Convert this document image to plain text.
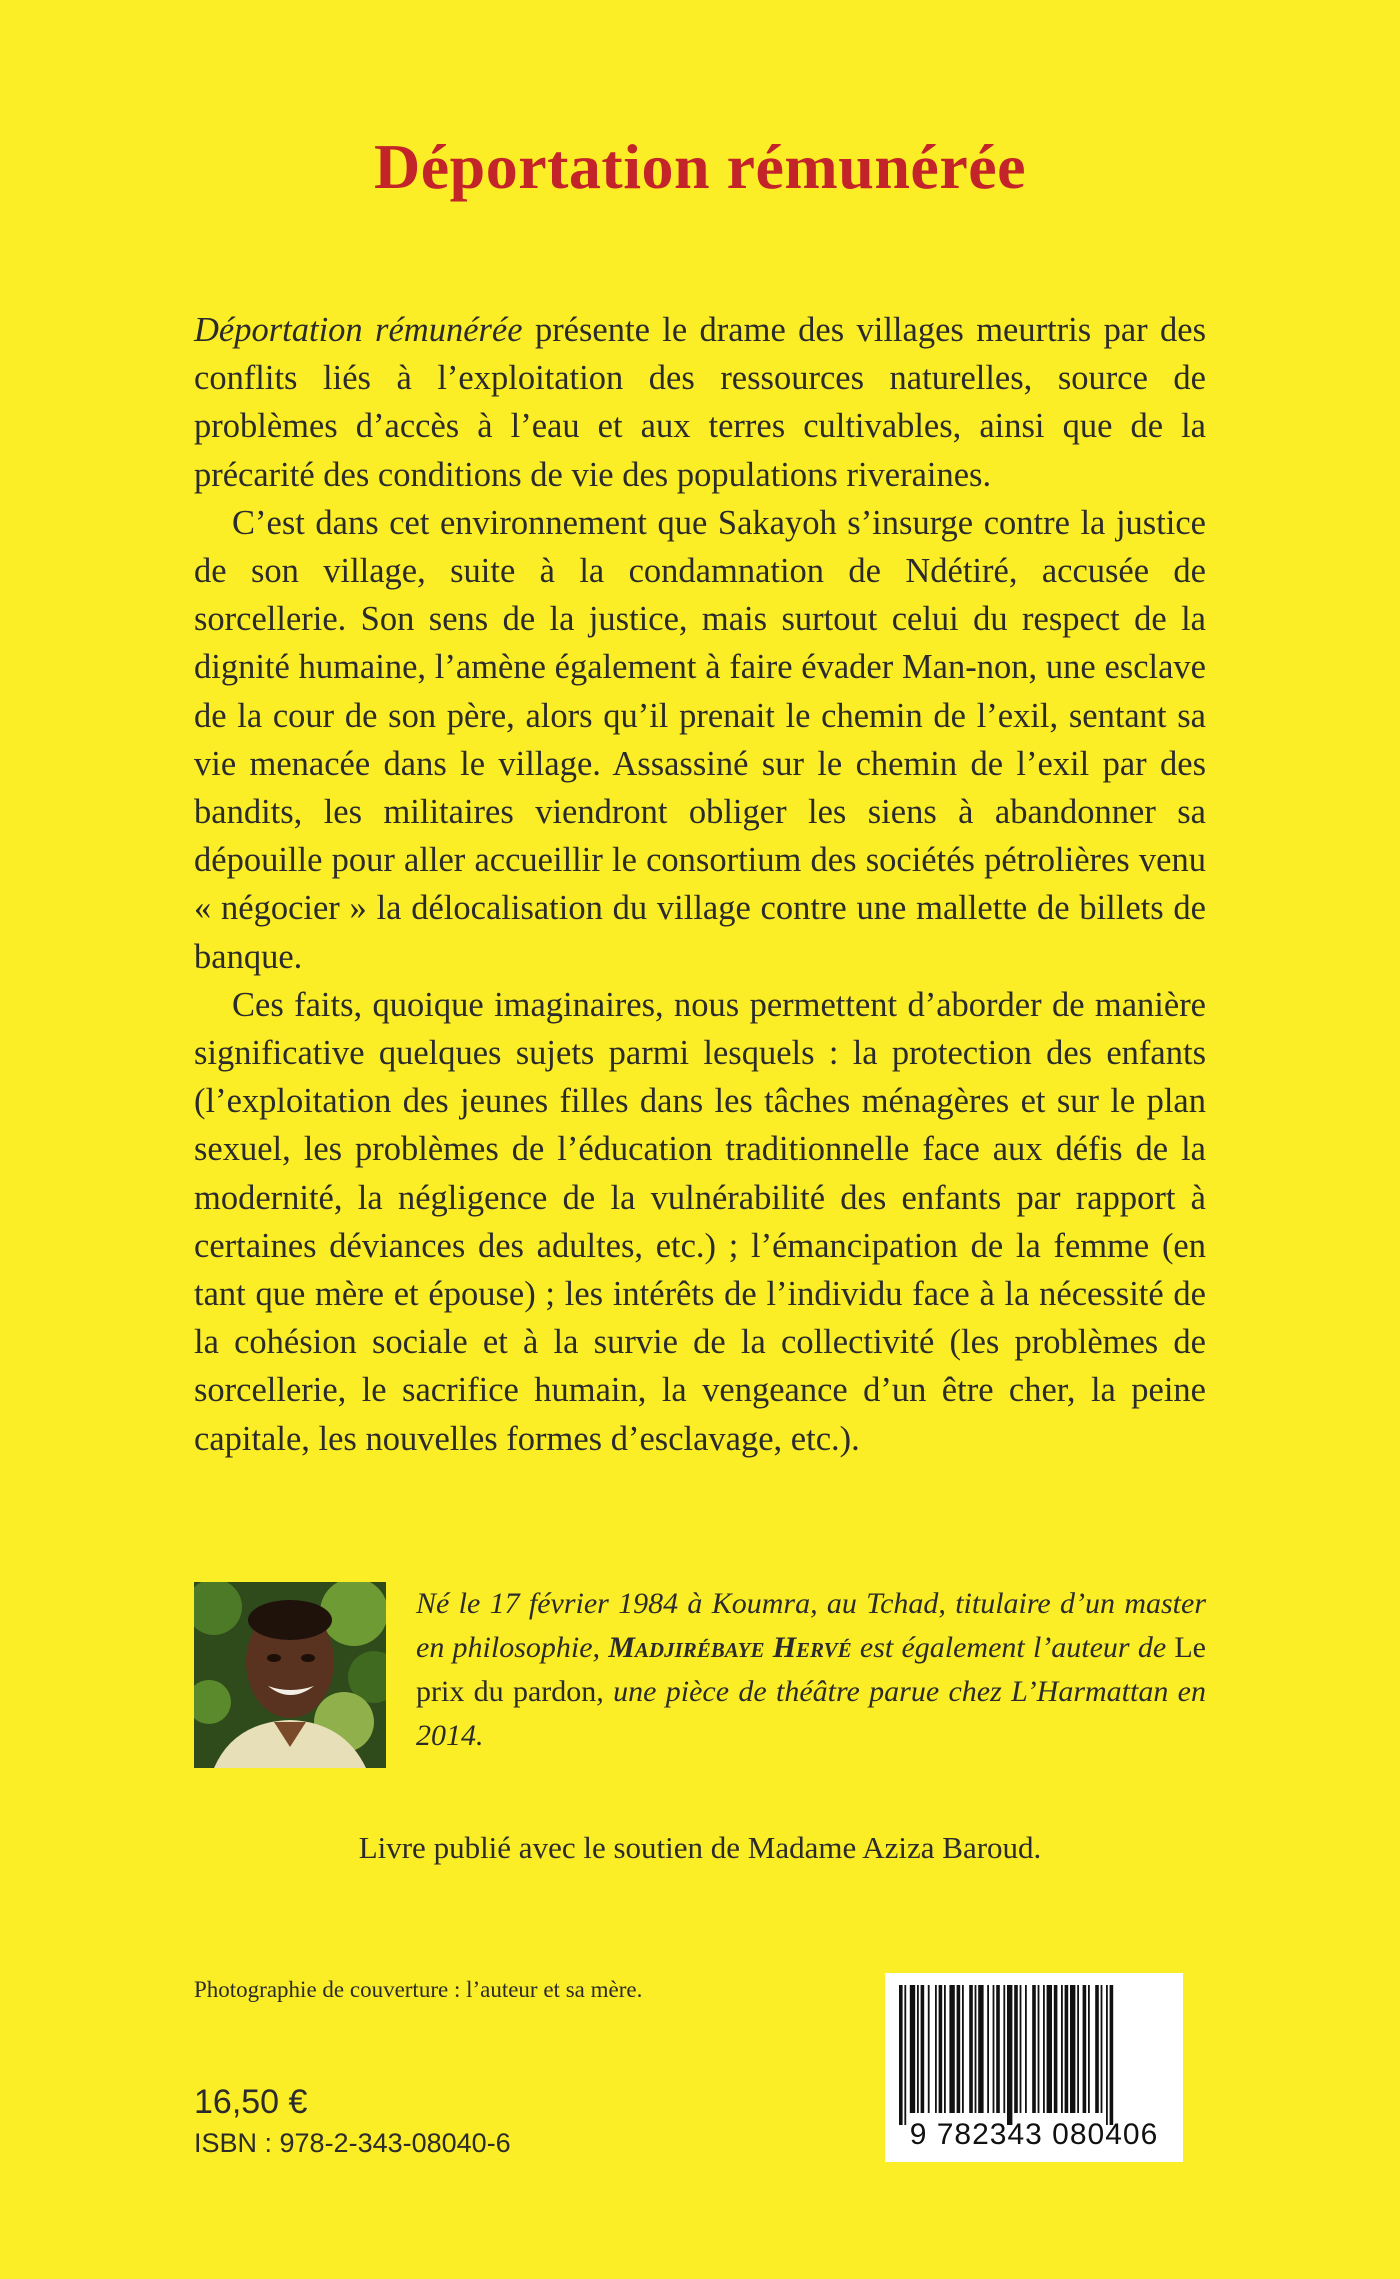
Déportation rémunérée

Déportation rémunérée présente le drame des villages meurtris par des conflits liés à l’exploitation des ressources naturelles, source de problèmes d’accès à l’eau et aux terres cultivables, ainsi que de la précarité des conditions de vie des populations riveraines.

C’est dans cet environnement que Sakayoh s’insurge contre la justice de son village, suite à la condamnation de Ndétiré, accusée de sorcellerie. Son sens de la justice, mais surtout celui du respect de la dignité humaine, l’amène également à faire évader Man-non, une esclave de la cour de son père, alors qu’il prenait le chemin de l’exil, sentant sa vie menacée dans le village. Assassiné sur le chemin de l’exil par des bandits, les militaires viendront obliger les siens à abandonner sa dépouille pour aller accueillir le consortium des sociétés pétrolières venu « négocier » la délocalisation du village contre une mallette de billets de banque.

Ces faits, quoique imaginaires, nous permettent d’aborder de manière significative quelques sujets parmi lesquels : la protection des enfants (l’exploitation des jeunes filles dans les tâches ménagères et sur le plan sexuel, les problèmes de l’éducation traditionnelle face aux défis de la modernité, la négligence de la vulnérabilité des enfants par rapport à certaines déviances des adultes, etc.) ; l’émancipation de la femme (en tant que mère et épouse) ; les intérêts de l’individu face à la nécessité de la cohésion sociale et à la survie de la collectivité (les problèmes de sorcellerie, le sacrifice humain, la vengeance d’un être cher, la peine capitale, les nouvelles formes d’esclavage, etc.).

Né le 17 février 1984 à Koumra, au Tchad, titulaire d’un master en philosophie, Madjirébaye Hervé est également l’auteur de Le prix du pardon, une pièce de théâtre parue chez L’Harmattan en 2014.
Livre publié avec le soutien de Madame Aziza Baroud.
Photographie de couverture : l’auteur et sa mère.
16,50 €
ISBN : 978-2-343-08040-6	9 782343 080406
